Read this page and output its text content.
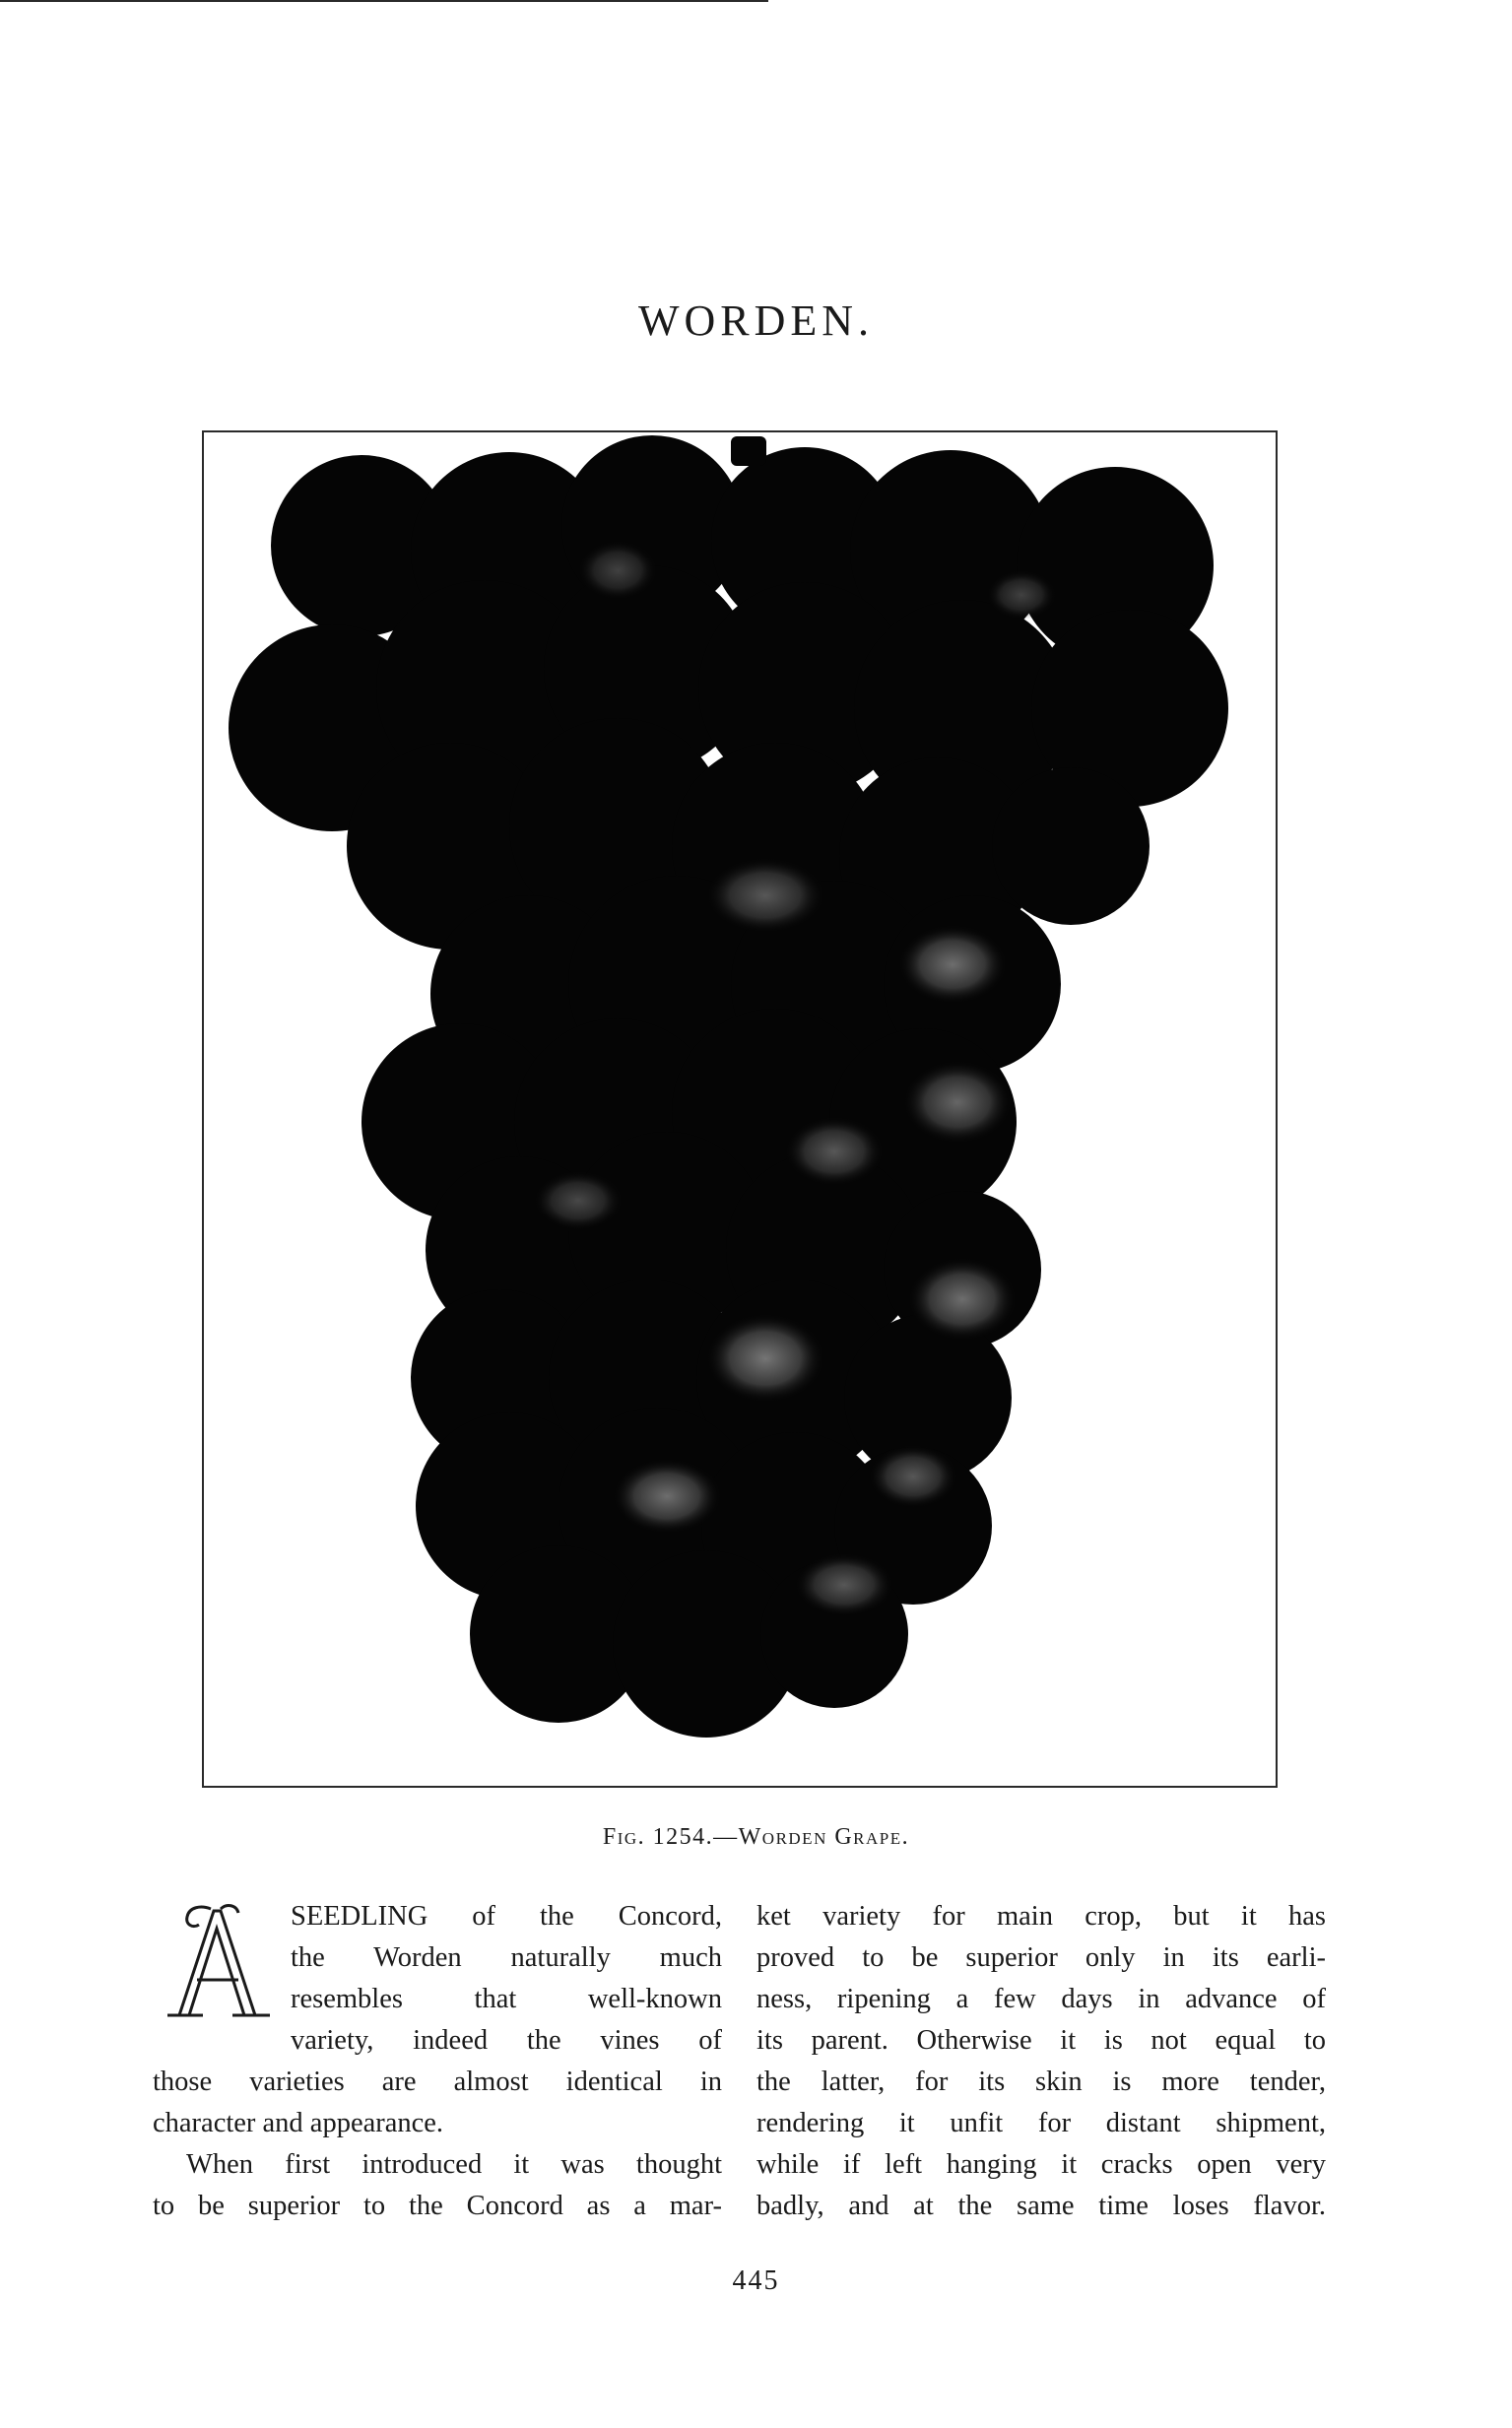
WORDEN.
Fig. 1254.—Worden Grape.

SEEDLING of the Concord,
the Worden naturally much
resembles that well-known
variety, indeed the vines of
those varieties are almost identical in
character and appearance.

When first introduced it was thought
to be superior to the Concord as a mar-

ket variety for main crop, but it has
proved to be superior only in its earli-
ness, ripening a few days in advance of
its parent. Otherwise it is not equal to
the latter, for its skin is more tender,
rendering it unfit for distant shipment,
while if left hanging it cracks open very
badly, and at the same time loses flavor.

445
